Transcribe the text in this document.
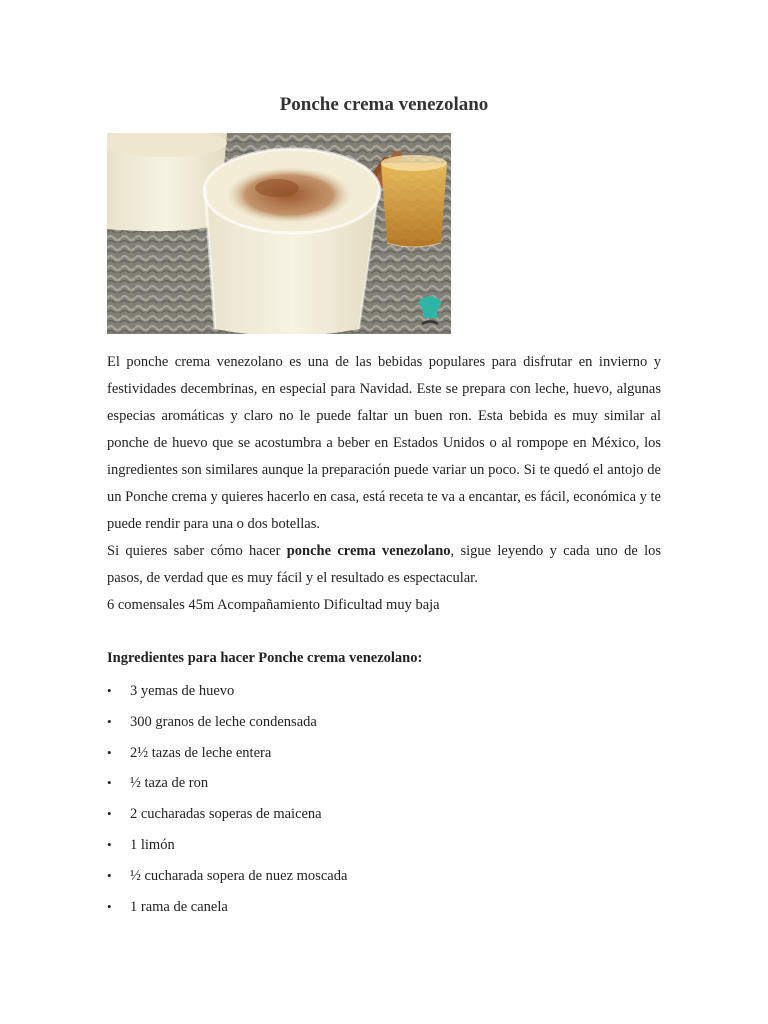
Ponche crema venezolano

El ponche crema venezolano es una de las bebidas populares para disfrutar en invierno y festividades decembrinas, en especial para Navidad. Este se prepara con leche, huevo, algunas especias aromáticas y claro no le puede faltar un buen ron. Esta bebida es muy similar al ponche de huevo que se acostumbra a beber en Estados Unidos o al rompope en México, los ingredientes son similares aunque la preparación puede variar un poco. Si te quedó el antojo de un Ponche crema y quieres hacerlo en casa, está receta te va a encantar, es fácil, económica y te puede rendir para una o dos botellas.

Si quieres saber cómo hacer ponche crema venezolano, sigue leyendo y cada uno de los pasos, de verdad que es muy fácil y el resultado es espectacular.

6 comensales 45m Acompañamiento Dificultad muy baja

Ingredientes para hacer Ponche crema venezolano:
• 3 yemas de huevo
• 300 granos de leche condensada
• 2½ tazas de leche entera
• ½ taza de ron
• 2 cucharadas soperas de maicena
• 1 limón
• ½ cucharada sopera de nuez moscada
• 1 rama de canela
